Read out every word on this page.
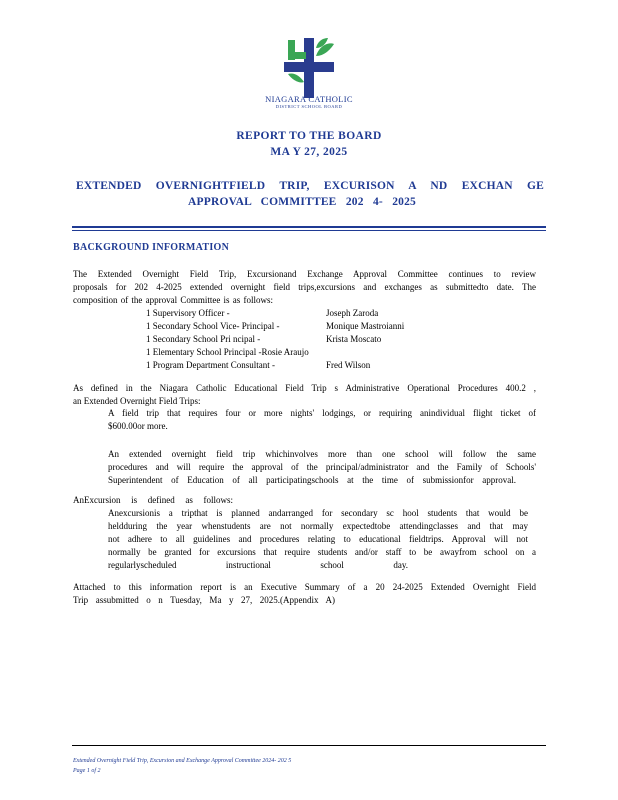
NIAGARA CATHOLIC
DISTRICT SCHOOL BOARD
REPORT TO THE BOARD
MA Y 27, 2025
EXTENDED OVERNIGHTFIELD TRIP, EXCURISON A ND EXCHAN GE
APPROVAL COMMITTEE 202 4- 2025
BACKGROUND INFORMATION
The Extended Overnight Field Trip, Excursionand Exchange Approval Committee continues to review
proposals for 202 4-2025 extended overnight field trips,excursions and exchanges as submittedto date. The
composition of the approval Committee is as follows:
1 Supervisory Officer -	Joseph Zaroda
1 Secondary School Vice- Principal -	Monique Mastroianni
1 Secondary School Pri ncipal -	Krista Moscato
1 Elementary School Principal -Rosie Araujo
1 Program Department Consultant -	Fred Wilson
As defined in the Niagara Catholic Educational Field Trip s Administrative Operational Procedures 400.2 ,
an Extended Overnight Field Trips:
A field trip that requires four or more nights' lodgings, or requiring anindividual flight ticket of
$600.00or more.
An extended overnight field trip whichinvolves more than one school will follow the same
procedures and will require the approval of the principal/administrator and the Family of Schools'
Superintendent of Education of all participatingschools at the time of submissionfor approval.
AnExcursion is defined as follows:
Anexcursionis a tripthat is planned andarranged for secondary sc hool students that would be
heldduring the year whenstudents are not normally expectedtobe attendingclasses and that may
not adhere to all guidelines and procedures relating to educational fieldtrips. Approval will not
normally be granted for excursions that require students and/or staff to be awayfrom school on a
regularlyscheduled instructional school day.
Attached to this information report is an Executive Summary of a 20 24-2025 Extended Overnight Field
Trip assubmitted o n Tuesday, Ma y 27, 2025.(Appendix A)
Extended Overnight Field Trip, Excursion and Exchange Approval Committee 2024- 202 5
Page 1 of 2
